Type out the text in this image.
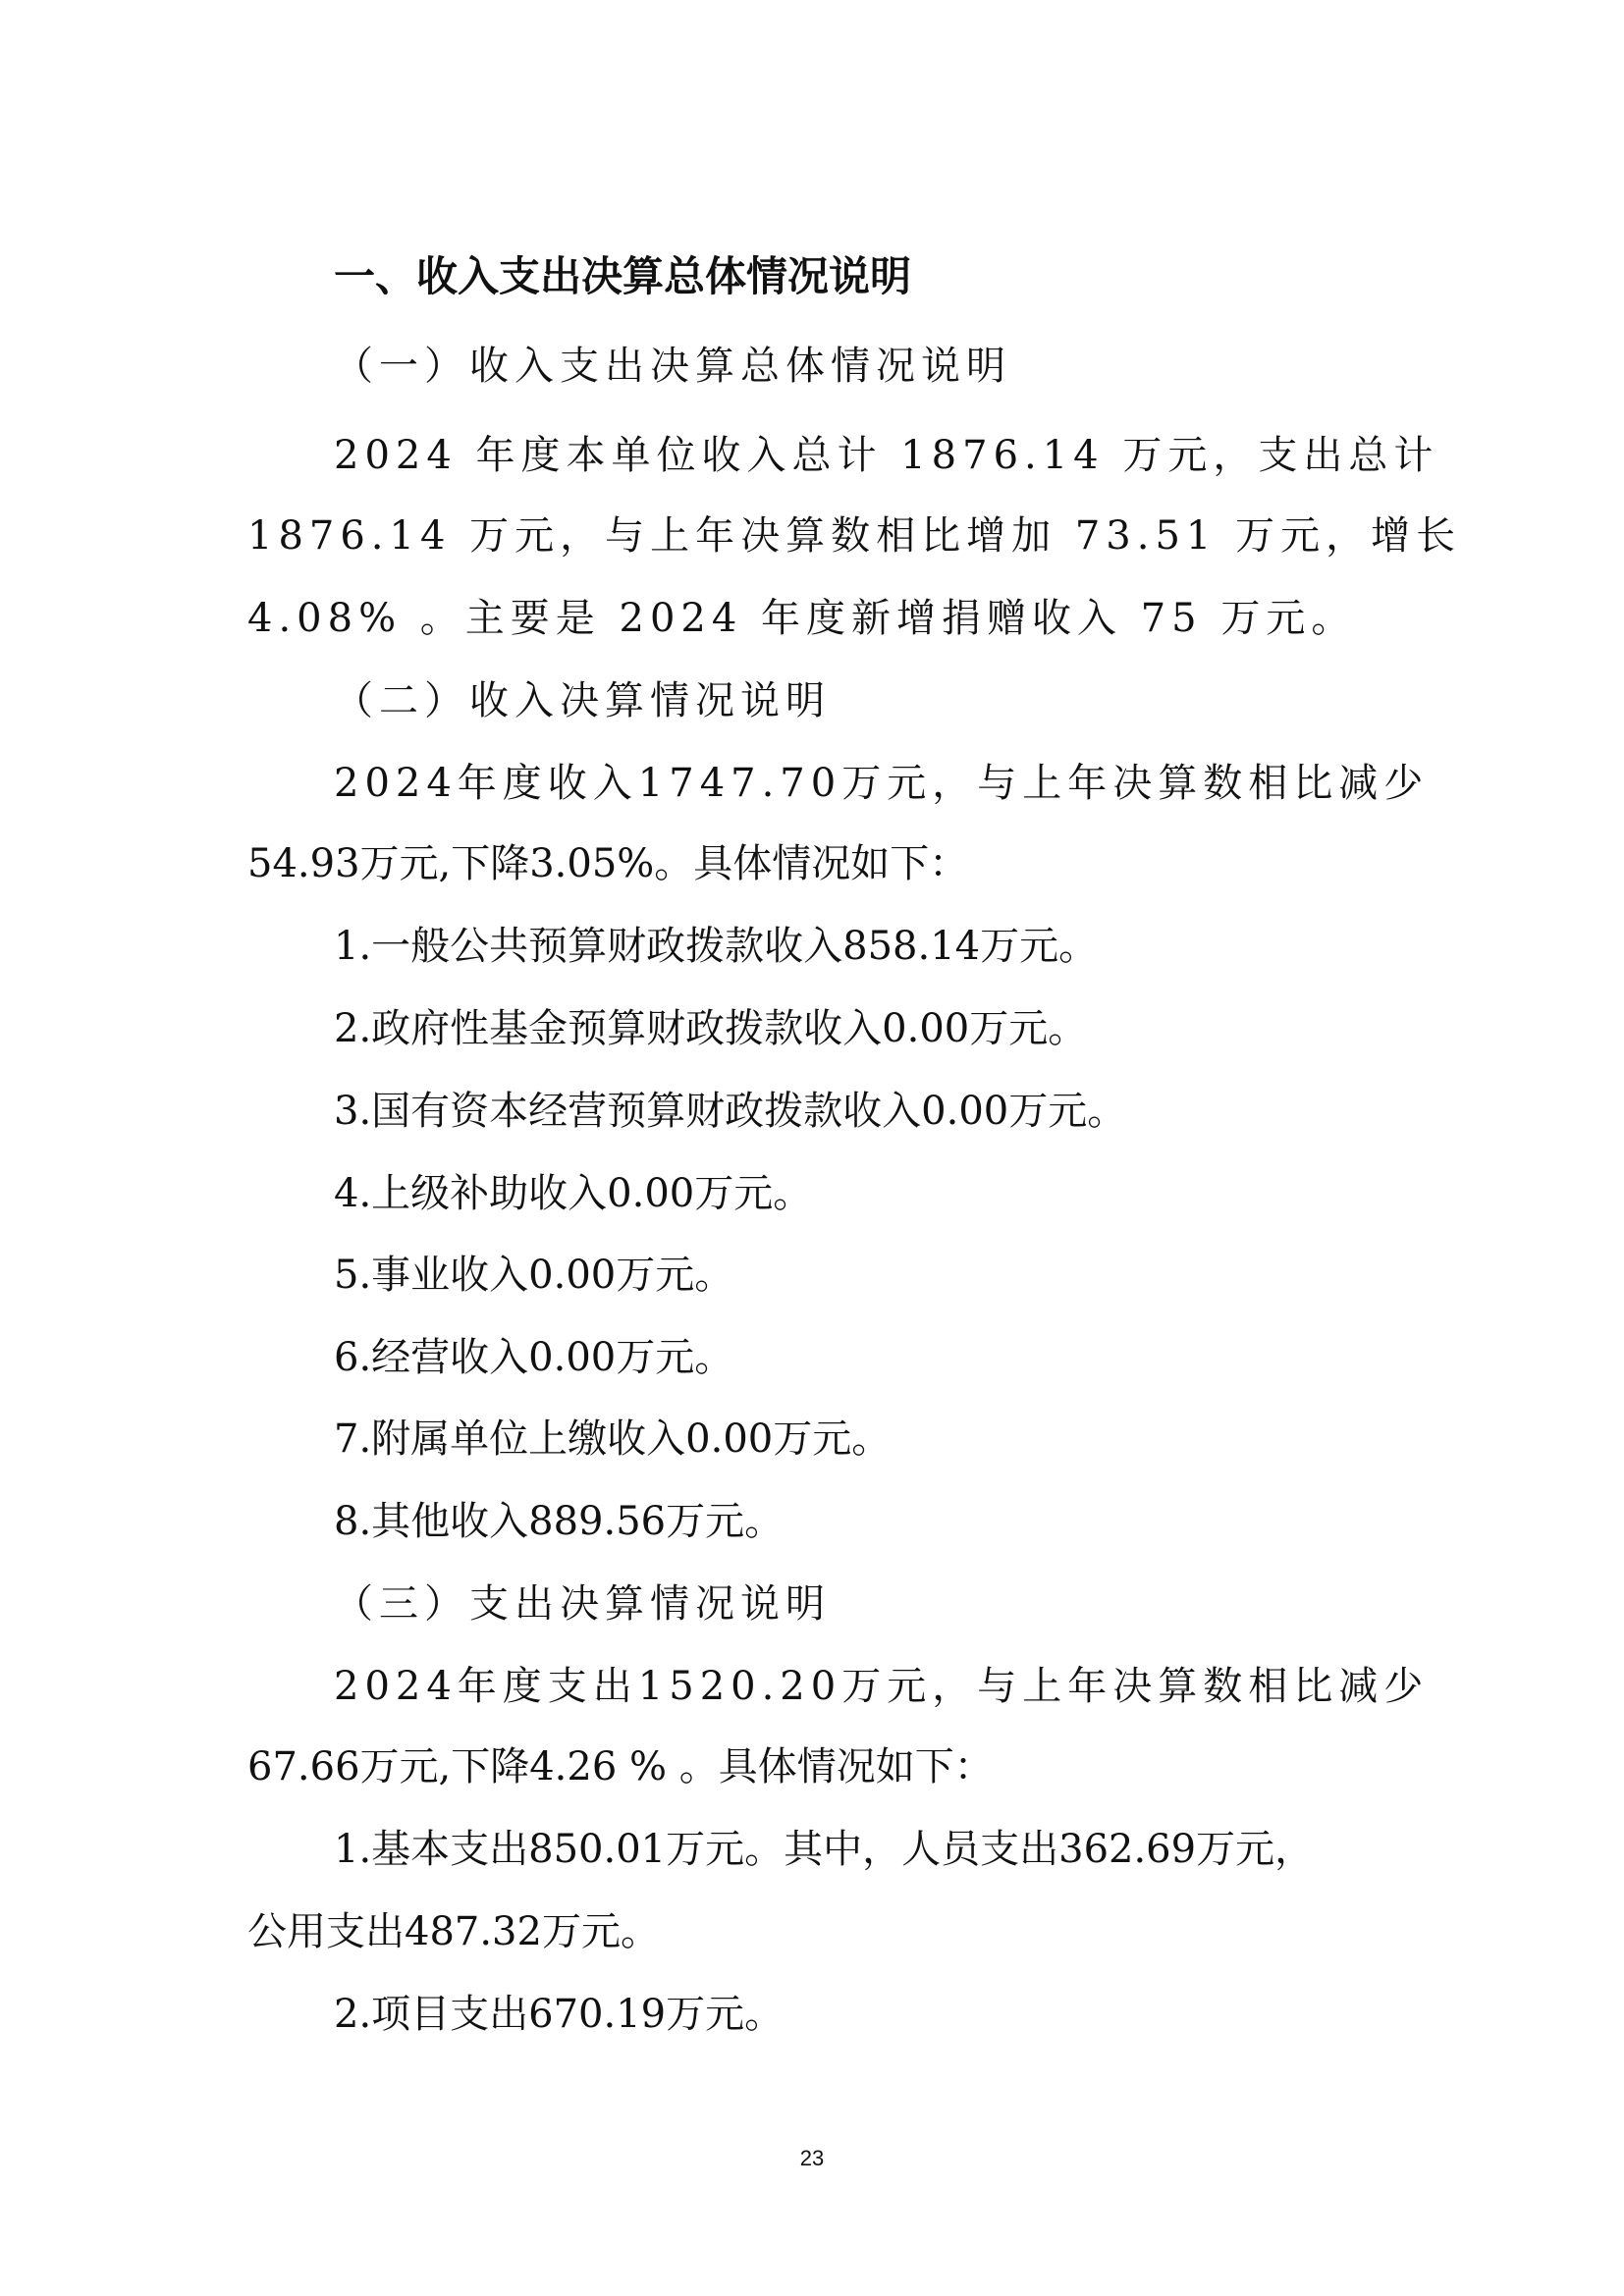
一、收入支出决算总体情况说明
（一）收入支出决算总体情况说明
2024 年度本单位收入总计 1876.14 万元，支出总计
1876.14 万元，与上年决算数相比增加 73.51 万元，增长
4.08% 。主要是 2024 年度新增捐赠收入 75 万元。
（二）收入决算情况说明
2024年度收入1747.70万元，与上年决算数相比减少
54.93万元,下降3.05%。具体情况如下：
1.一般公共预算财政拨款收入858.14万元。
2.政府性基金预算财政拨款收入0.00万元。
3.国有资本经营预算财政拨款收入0.00万元。
4.上级补助收入0.00万元。
5.事业收入0.00万元。
6.经营收入0.00万元。
7.附属单位上缴收入0.00万元。
8.其他收入889.56万元。
（三）支出决算情况说明
2024年度支出1520.20万元，与上年决算数相比减少
67.66万元,下降4.26 % 。具体情况如下：
1.基本支出850.01万元。其中，人员支出362.69万元，
公用支出487.32万元。
2.项目支出670.19万元。
23
